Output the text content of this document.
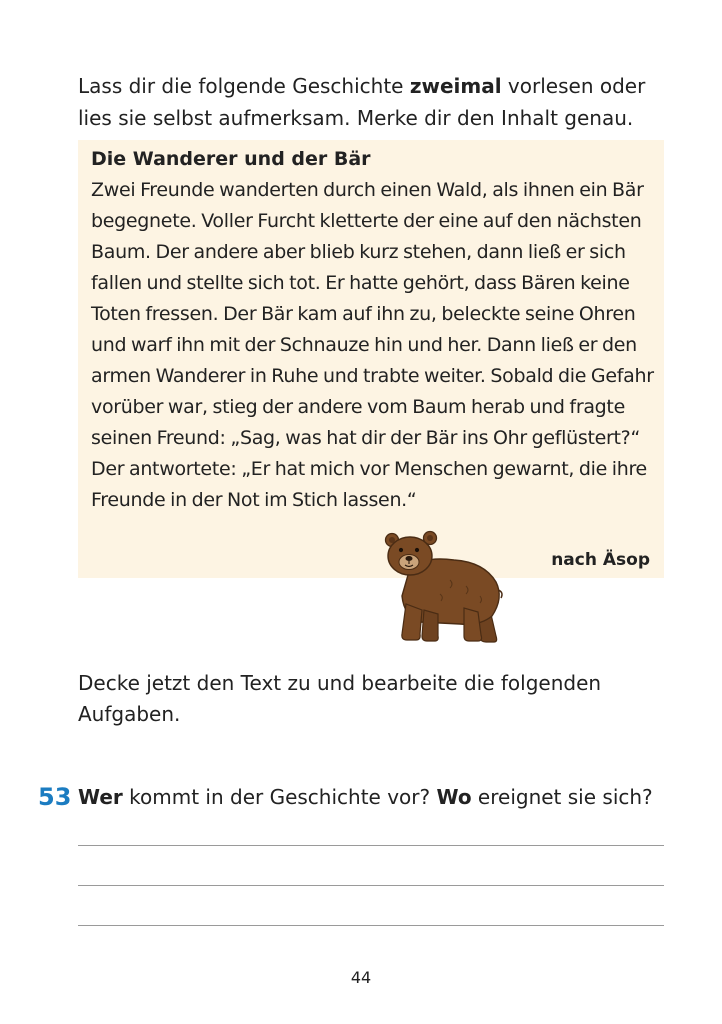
Lass dir die folgende Geschichte zweimal vorlesen oder lies sie selbst aufmerksam. Merke dir den Inhalt genau.

Die Wanderer und der Bär

Zwei Freunde wanderten durch einen Wald, als ihnen ein Bär begegnete. Voller Furcht kletterte der eine auf den nächsten Baum. Der andere aber blieb kurz stehen, dann ließ er sich fallen und stellte sich tot. Er hatte gehört, dass Bären keine Toten fressen. Der Bär kam auf ihn zu, beleckte seine Ohren und warf ihn mit der Schnauze hin und her. Dann ließ er den armen Wanderer in Ruhe und trabte weiter. Sobald die Gefahr vorüber war, stieg der andere vom Baum herab und fragte seinen Freund: „Sag, was hat dir der Bär ins Ohr geflüstert?“ Der antwortete: „Er hat mich vor Menschen gewarnt, die ihre Freunde in der Not im Stich lassen.“

nach Äsop

Decke jetzt den Text zu und bearbeite die folgenden Aufgaben.

53 Wer kommt in der Geschichte vor? Wo ereignet sie sich?
44
